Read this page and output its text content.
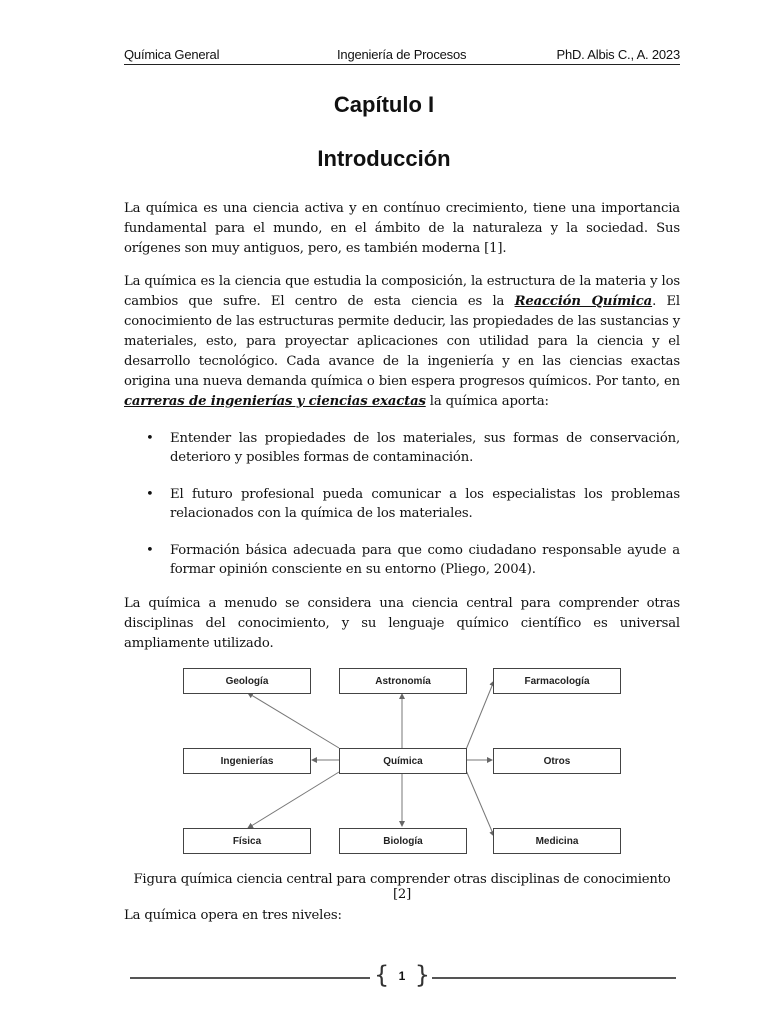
Química General	Ingeniería de Procesos	PhD. Albis C., A. 2023
Capítulo I
Introducción
La química es una ciencia activa y en contínuo crecimiento, tiene una importancia fundamental para el mundo, en el ámbito de la naturaleza y la sociedad. Sus orígenes son muy antiguos, pero, es también moderna [1].
La química es la ciencia que estudia la composición, la estructura de la materia y los cambios que sufre. El centro de esta ciencia es la Reacción Química. El conocimiento de las estructuras permite deducir, las propiedades de las sustancias y materiales, esto, para proyectar aplicaciones con utilidad para la ciencia y el desarrollo tecnológico. Cada avance de la ingeniería y en las ciencias exactas origina una nueva demanda química o bien espera progresos químicos. Por tanto, en carreras de ingenierías y ciencias exactas la química aporta:
• Entender las propiedades de los materiales, sus formas de conservación, deterioro y posibles formas de contaminación.
• El futuro profesional pueda comunicar a los especialistas los problemas relacionados con la química de los materiales.
• Formación básica adecuada para que como ciudadano responsable ayude a formar opinión consciente en su entorno (Pliego, 2004).
La química a menudo se considera una ciencia central para comprender otras disciplinas del conocimiento, y su lenguaje químico científico es universal ampliamente utilizado.
Geología	Astronomía	Farmacología
Ingenierías	Química	Otros
Física	Biología	Medicina
Figura química ciencia central para comprender otras disciplinas de conocimiento [2]
La química opera en tres niveles:
{ 1 }
